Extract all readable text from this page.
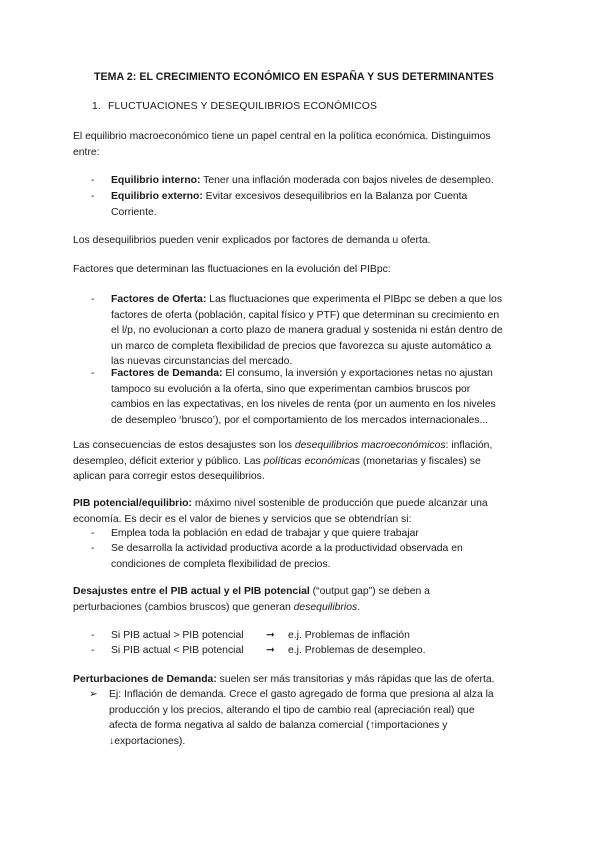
TEMA 2: EL CRECIMIENTO ECONÓMICO EN ESPAÑA Y SUS DETERMINANTES
1. FLUCTUACIONES Y DESEQUILIBRIOS ECONÓMICOS
El equilibrio macroeconómico tiene un papel central en la política económica. Distinguimos
entre:
- Equilibrio interno: Tener una inflación moderada con bajos niveles de desempleo.
- Equilibrio externo: Evitar excesivos desequilibrios en la Balanza por Cuenta
Corriente.
Los desequilibrios pueden venir explicados por factores de demanda u oferta.
Factores que determinan las fluctuaciones en la evolución del PIBpc:
- Factores de Oferta: Las fluctuaciones que experimenta el PIBpc se deben a que los
factores de oferta (población, capital físico y PTF) que determinan su crecimiento en
el l/p, no evolucionan a corto plazo de manera gradual y sostenida ni están dentro de
un marco de completa flexibilidad de precios que favorezca su ajuste automático a
las nuevas circunstancias del mercado.
- Factores de Demanda: El consumo, la inversión y exportaciones netas no ajustan
tampoco su evolución a la oferta, sino que experimentan cambios bruscos por
cambios en las expectativas, en los niveles de renta (por un aumento en los niveles
de desempleo ‘brusco’), por el comportamiento de los mercados internacionales...
Las consecuencias de estos desajustes son los desequilibrios macroeconómicos: inflación,
desempleo, déficit exterior y público. Las políticas económicas (monetarias y fiscales) se
aplican para corregir estos desequilibrios.
PIB potencial/equilibrio: máximo nivel sostenible de producción que puede alcanzar una
economía. Es decir es el valor de bienes y servicios que se obtendrían si:
- Emplea toda la población en edad de trabajar y que quiere trabajar
- Se desarrolla la actividad productiva acorde a la productividad observada en
condiciones de completa flexibilidad de precios.
Desajustes entre el PIB actual y el PIB potencial (“output gap”) se deben a
perturbaciones (cambios bruscos) que generan desequilibrios.
- Si PIB actual > PIB potencial ➞ e.j. Problemas de inflación
- Si PIB actual < PIB potencial ➞ e.j. Problemas de desempleo.
Perturbaciones de Demanda: suelen ser más transitorias y más rápidas que las de oferta.
➢ Ej: Inflación de demanda. Crece el gasto agregado de forma que presiona al alza la
producción y los precios, alterando el tipo de cambio real (apreciación real) que
afecta de forma negativa al saldo de balanza comercial (↑importaciones y
↓exportaciones).
